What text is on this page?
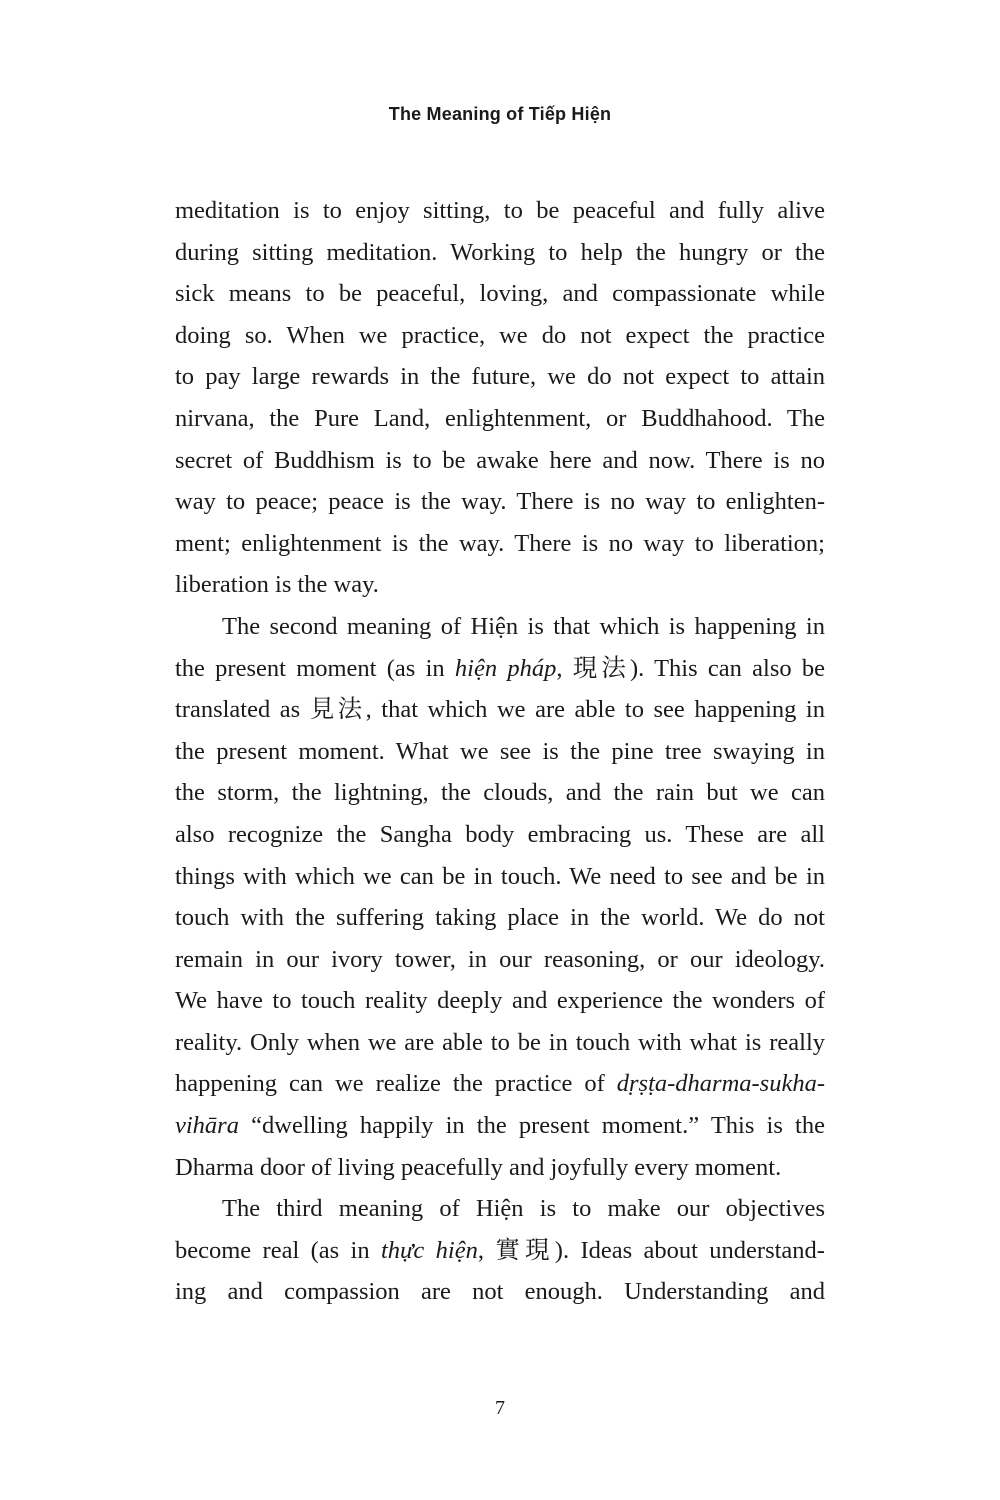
The Meaning of Tiếp Hiện
meditation is to enjoy sitting, to be peaceful and fully alive
during sitting meditation. Working to help the hungry or the
sick means to be peaceful, loving, and compassionate while
doing so. When we practice, we do not expect the practice
to pay large rewards in the future, we do not expect to attain
nirvana, the Pure Land, enlightenment, or Buddhahood. The
secret of Buddhism is to be awake here and now. There is no
way to peace; peace is the way. There is no way to enlighten-
ment; enlightenment is the way. There is no way to liberation;
liberation is the way.
The second meaning of Hiện is that which is happening in
the present moment (as in hiện pháp, 現法). This can also be
translated as 見法, that which we are able to see happening in
the present moment. What we see is the pine tree swaying in
the storm, the lightning, the clouds, and the rain but we can
also recognize the Sangha body embracing us. These are all
things with which we can be in touch. We need to see and be in
touch with the suffering taking place in the world. We do not
remain in our ivory tower, in our reasoning, or our ideology.
We have to touch reality deeply and experience the wonders of
reality. Only when we are able to be in touch with what is really
happening can we realize the practice of dṛṣṭa-dharma-sukha-
vihāra “dwelling happily in the present moment.” This is the
Dharma door of living peacefully and joyfully every moment.
The third meaning of Hiện is to make our objectives
become real (as in thực hiện, 實現). Ideas about understand-
ing and compassion are not enough. Understanding and
7
